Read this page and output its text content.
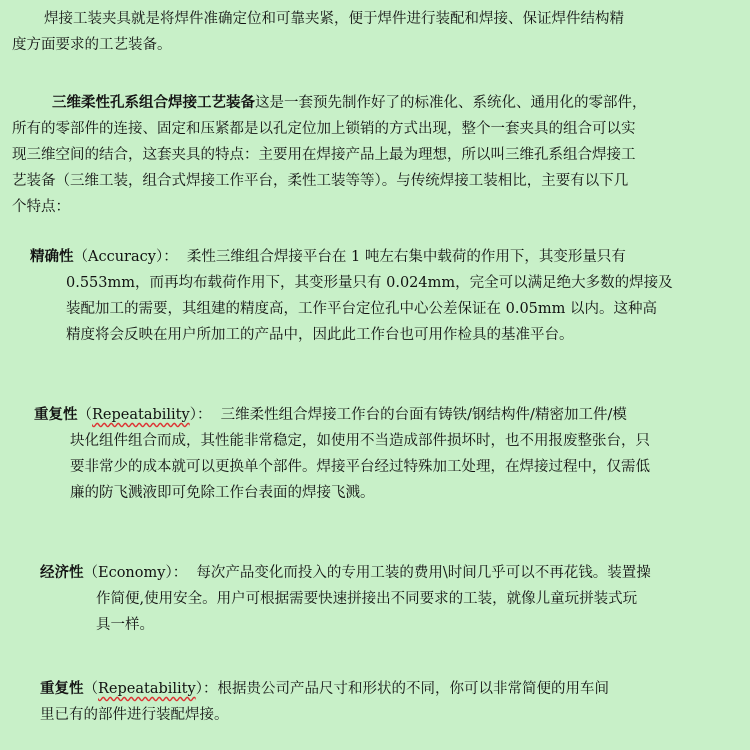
焊接工装夹具就是将焊件准确定位和可靠夹紧，便于焊件进行装配和焊接、保证焊件结构精

度方面要求的工艺装备。

三维柔性孔系组合焊接工艺装备这是一套预先制作好了的标准化、系统化、通用化的零部件，

所有的零部件的连接、固定和压紧都是以孔定位加上锁销的方式出现，整个一套夹具的组合可以实

现三维空间的结合，这套夹具的特点：主要用在焊接产品上最为理想，所以叫三维孔系组合焊接工

艺装备（三维工装，组合式焊接工作平台，柔性工装等等）。与传统焊接工装相比，主要有以下几

个特点：

精确性（Accuracy）： 柔性三维组合焊接平台在 1 吨左右集中载荷的作用下，其变形量只有

0.553mm，而再均布载荷作用下，其变形量只有 0.024mm，完全可以满足绝大多数的焊接及

装配加工的需要，其组建的精度高，工作平台定位孔中心公差保证在 0.05mm 以内。这种高

精度将会反映在用户所加工的产品中，因此此工作台也可用作检具的基准平台。

重复性（Repeatability）： 三维柔性组合焊接工作台的台面有铸铁/钢结构件/精密加工件/模

块化组件组合而成，其性能非常稳定，如使用不当造成部件损坏时，也不用报废整张台，只

要非常少的成本就可以更换单个部件。焊接平台经过特殊加工处理，在焊接过程中，仅需低

廉的防飞溅液即可免除工作台表面的焊接飞溅。

经济性（Economy）： 每次产品变化而投入的专用工装的费用\时间几乎可以不再花钱。装置操

作简便,使用安全。用户可根据需要快速拼接出不同要求的工装，就像儿童玩拼装式玩

具一样。

重复性（Repeatability）：根据贵公司产品尺寸和形状的不同，你可以非常简便的用车间

里已有的部件进行装配焊接。
